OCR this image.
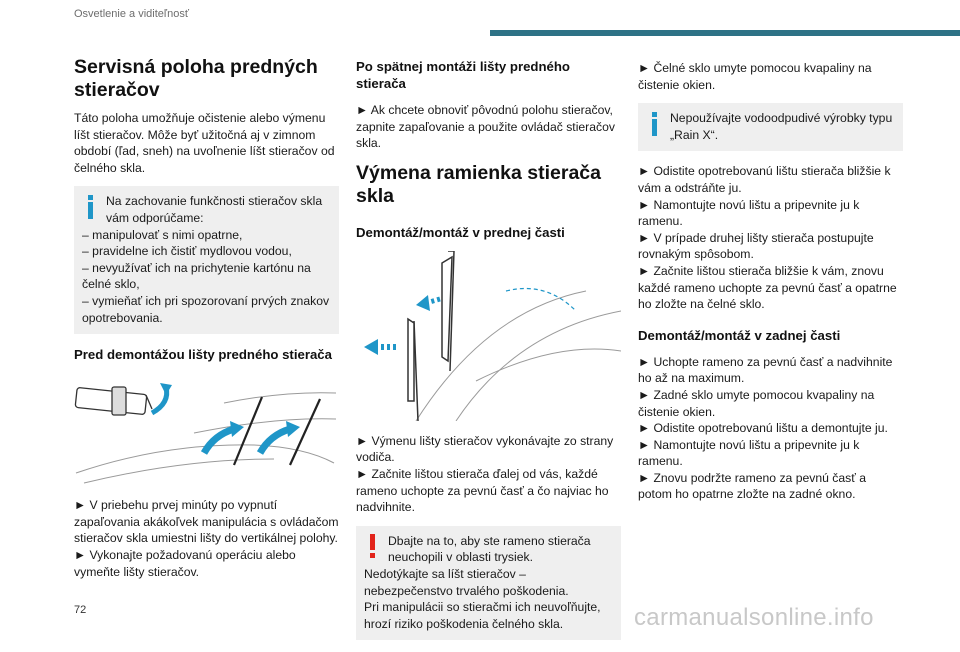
Osvetlenie a viditeľnosť
Servisná poloha predných stieračov

Táto poloha umožňuje očistenie alebo výmenu líšt stieračov. Môže byť užitočná aj v zimnom období (ľad, sneh) na uvoľnenie líšt stieračov od čelného skla.

Na zachovanie funkčnosti stieračov skla vám odporúčame:
– manipulovať s nimi opatrne,
– pravidelne ich čistiť mydlovou vodou,
– nevyužívať ich na prichytenie kartónu na čelné sklo,
– vymieňať ich pri spozorovaní prvých znakov opotrebovania.
Pred demontážou lišty predného stierača

► V priebehu prvej minúty po vypnutí zapaľovania akákoľvek manipulácia s ovládačom stieračov skla umiestni lišty do vertikálnej polohy.

► Vykonajte požadovanú operáciu alebo vymeňte lišty stieračov.

Po spätnej montáži lišty predného stierača

► Ak chcete obnoviť pôvodnú polohu stieračov, zapnite zapaľovanie a použite ovládač stieračov skla.

Výmena ramienka stierača skla
Demontáž/montáž v prednej časti

► Výmenu lišty stieračov vykonávajte zo strany vodiča.

► Začnite lištou stierača ďalej od vás, každé rameno uchopte za pevnú časť a čo najviac ho nadvihnite.

Dbajte na to, aby ste rameno stierača neuchopili v oblasti trysiek.
Nedotýkajte sa líšt stieračov – nebezpečenstvo trvalého poškodenia.
Pri manipulácii so stieračmi ich neuvoľňujte, hrozí riziko poškodenia čelného skla.

► Čelné sklo umyte pomocou kvapaliny na čistenie okien.

Nepoužívajte vodoodpudivé výrobky typu „Rain X“.

► Odistite opotrebovanú lištu stierača bližšie k vám a odstráňte ju.

► Namontujte novú lištu a pripevnite ju k ramenu.

► V prípade druhej lišty stierača postupujte rovnakým spôsobom.

► Začnite lištou stierača bližšie k vám, znovu každé rameno uchopte za pevnú časť a opatrne ho zložte na čelné sklo.

Demontáž/montáž v zadnej časti

► Uchopte rameno za pevnú časť a nadvihnite ho až na maximum.

► Zadné sklo umyte pomocou kvapaliny na čistenie okien.

► Odistite opotrebovanú lištu a demontujte ju.

► Namontujte novú lištu a pripevnite ju k ramenu.

► Znovu podržte rameno za pevnú časť a potom ho opatrne zložte na zadné okno.

72	carmanualsonline.info
